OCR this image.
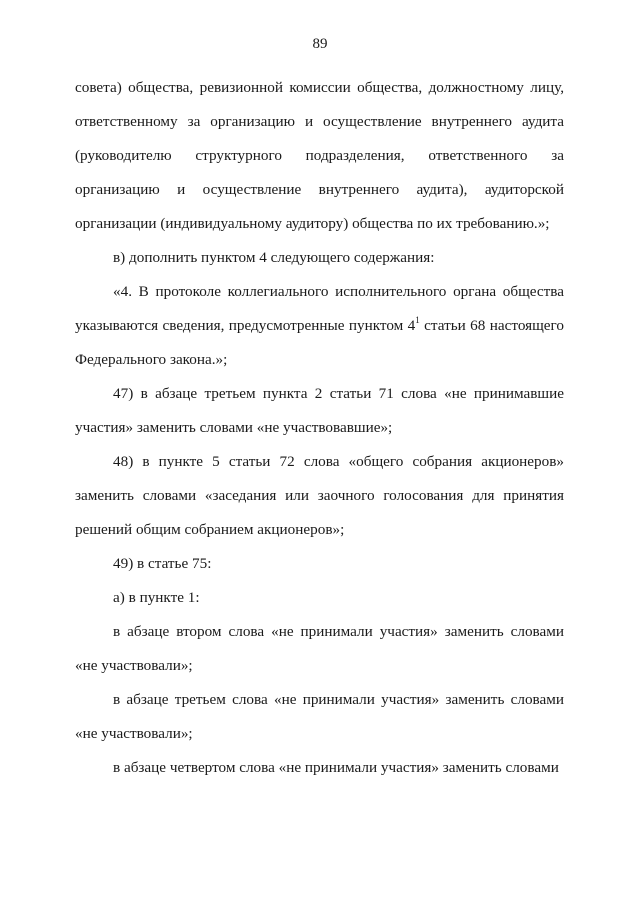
89

совета) общества, ревизионной комиссии общества, должностному лицу, ответственному за организацию и осуществление внутреннего аудита (руководителю структурного подразделения, ответственного за организацию и осуществление внутреннего аудита), аудиторской организации (индивидуальному аудитору) общества по их требованию.»;

в) дополнить пунктом 4 следующего содержания:

«4. В протоколе коллегиального исполнительного органа общества указываются сведения, предусмотренные пунктом $4^1$ статьи 68 настоящего Федерального закона.»;

47) в абзаце третьем пункта 2 статьи 71 слова «не принимавшие участия» заменить словами «не участвовавшие»;

48) в пункте 5 статьи 72 слова «общего собрания акционеров» заменить словами «заседания или заочного голосования для принятия решений общим собранием акционеров»;

49) в статье 75:

а) в пункте 1:

в абзаце втором слова «не принимали участия» заменить словами «не участвовали»;

в абзаце третьем слова «не принимали участия» заменить словами «не участвовали»;

в абзаце четвертом слова «не принимали участия» заменить словами
